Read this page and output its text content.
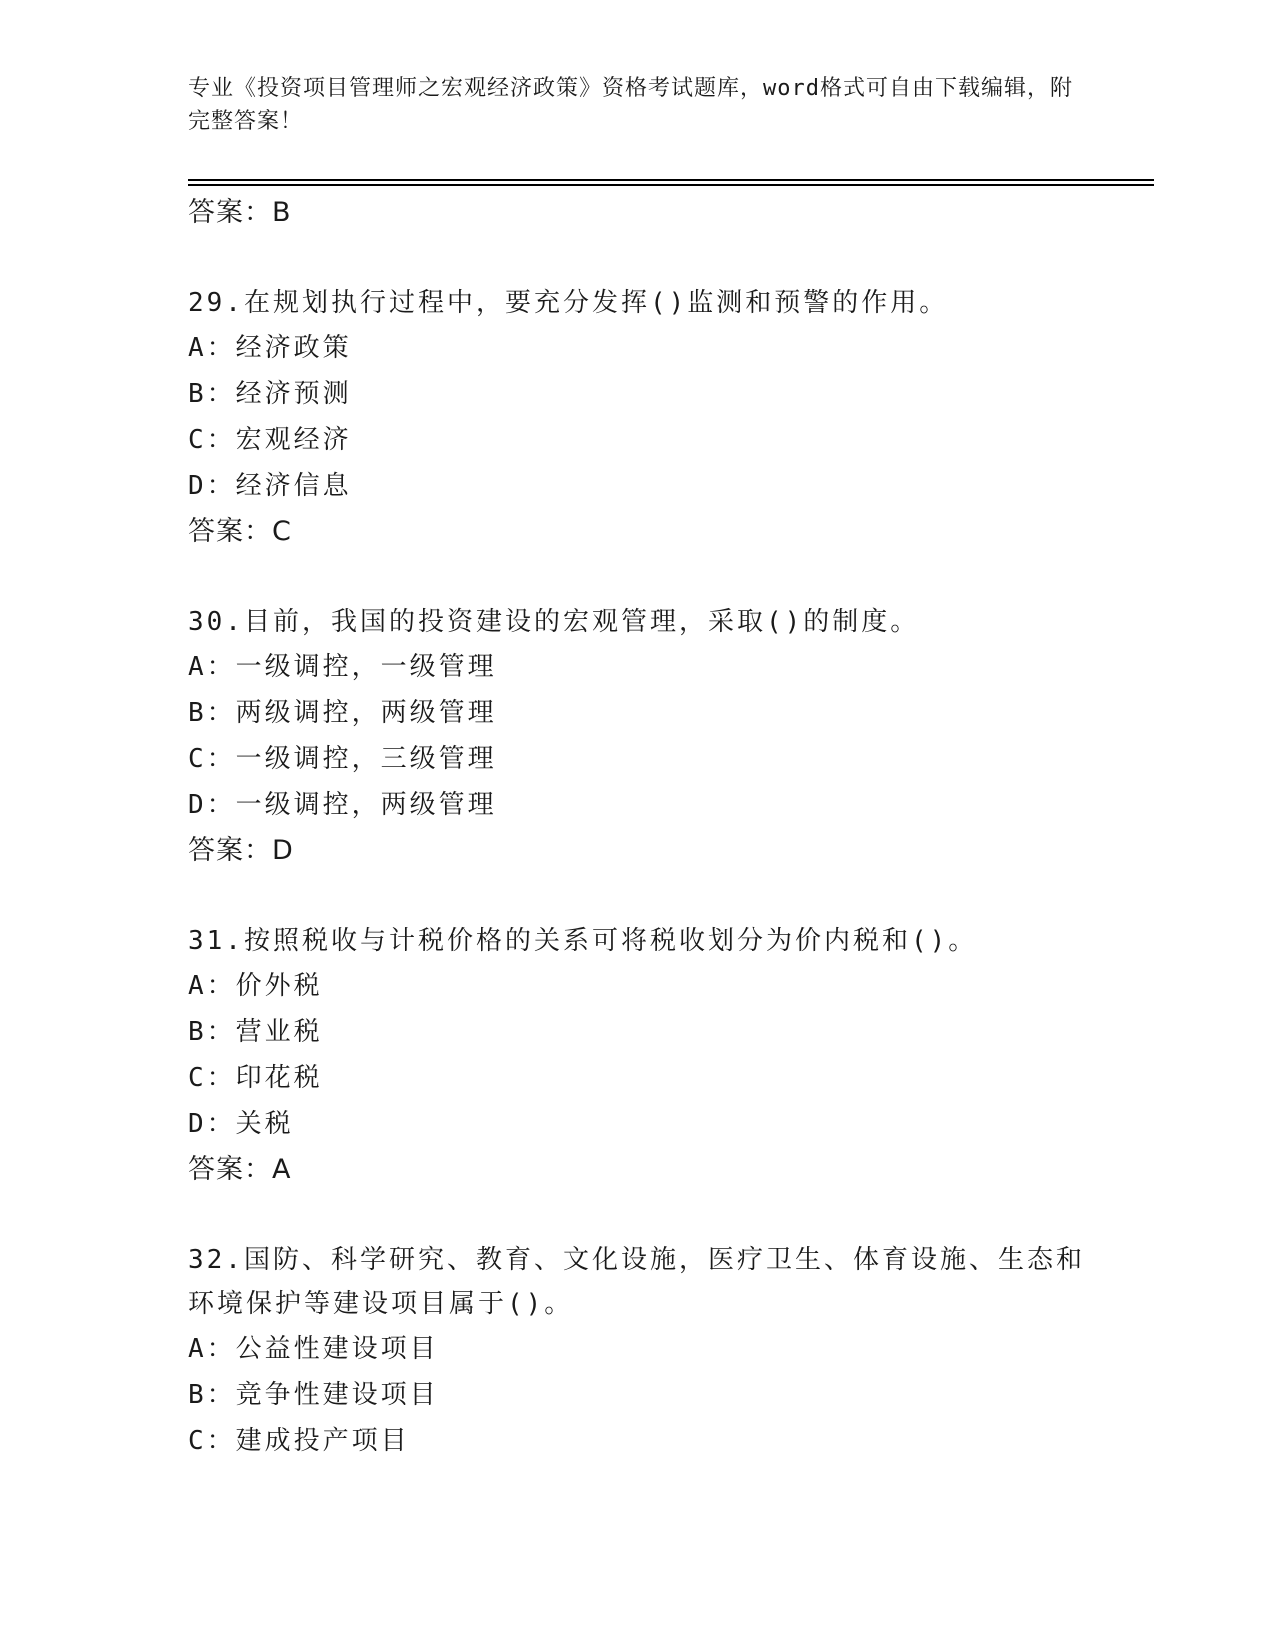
专业《投资项目管理师之宏观经济政策》资格考试题库，word格式可自由下载编辑，附完整答案！
答案：B
29.在规划执行过程中，要充分发挥()监测和预警的作用。
A：经济政策
B：经济预测
C：宏观经济
D：经济信息
答案：C
30.目前，我国的投资建设的宏观管理，采取()的制度。
A：一级调控，一级管理
B：两级调控，两级管理
C：一级调控，三级管理
D：一级调控，两级管理
答案：D
31.按照税收与计税价格的关系可将税收划分为价内税和()。
A：价外税
B：营业税
C：印花税
D：关税
答案：A
32.国防、科学研究、教育、文化设施，医疗卫生、体育设施、生态和环境保护等建设项目属于()。
A：公益性建设项目
B：竞争性建设项目
C：建成投产项目
